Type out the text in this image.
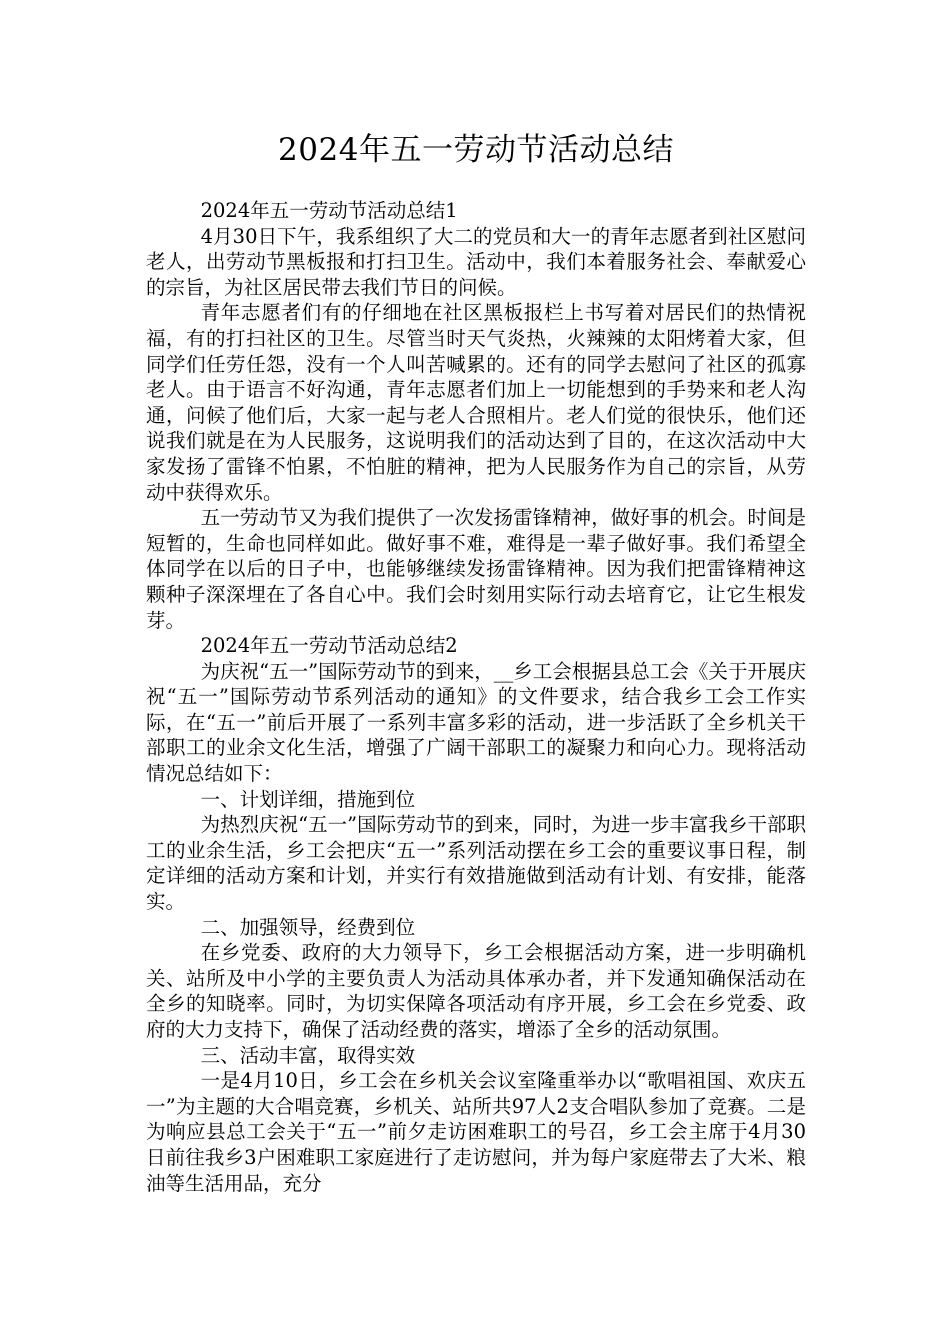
2024年五一劳动节活动总结

2024年五一劳动节活动总结1

4月30日下午，我系组织了大二的党员和大一的青年志愿者到社区慰问老人，出劳动节黑板报和打扫卫生。活动中，我们本着服务社会、奉献爱心的宗旨，为社区居民带去我们节日的问候。

青年志愿者们有的仔细地在社区黑板报栏上书写着对居民们的热情祝福，有的打扫社区的卫生。尽管当时天气炎热，火辣辣的太阳烤着大家，但同学们任劳任怨，没有一个人叫苦喊累的。还有的同学去慰问了社区的孤寡老人。由于语言不好沟通，青年志愿者们加上一切能想到的手势来和老人沟通，问候了他们后，大家一起与老人合照相片。老人们觉的很快乐，他们还说我们就是在为人民服务，这说明我们的活动达到了目的，在这次活动中大家发扬了雷锋不怕累，不怕脏的精神，把为人民服务作为自己的宗旨，从劳动中获得欢乐。

五一劳动节又为我们提供了一次发扬雷锋精神，做好事的机会。时间是短暂的，生命也同样如此。做好事不难，难得是一辈子做好事。我们希望全体同学在以后的日子中，也能够继续发扬雷锋精神。因为我们把雷锋精神这颗种子深深埋在了各自心中。我们会时刻用实际行动去培育它，让它生根发芽。

2024年五一劳动节活动总结2

为庆祝“五一”国际劳动节的到来，__乡工会根据县总工会《关于开展庆祝“五一”国际劳动节系列活动的通知》的文件要求，结合我乡工会工作实际，在“五一”前后开展了一系列丰富多彩的活动，进一步活跃了全乡机关干部职工的业余文化生活，增强了广阔干部职工的凝聚力和向心力。现将活动情况总结如下：

一、计划详细，措施到位

为热烈庆祝“五一”国际劳动节的到来，同时，为进一步丰富我乡干部职工的业余生活，乡工会把庆“五一”系列活动摆在乡工会的重要议事日程，制定详细的活动方案和计划，并实行有效措施做到活动有计划、有安排，能落实。

二、加强领导，经费到位

在乡党委、政府的大力领导下，乡工会根据活动方案，进一步明确机关、站所及中小学的主要负责人为活动具体承办者，并下发通知确保活动在全乡的知晓率。同时，为切实保障各项活动有序开展，乡工会在乡党委、政府的大力支持下，确保了活动经费的落实，增添了全乡的活动氛围。

三、活动丰富，取得实效

一是4月10日，乡工会在乡机关会议室隆重举办以“歌唱祖国、欢庆五一”为主题的大合唱竞赛，乡机关、站所共97人2支合唱队参加了竞赛。二是为响应县总工会关于“五一”前夕走访困难职工的号召，乡工会主席于4月30日前往我乡3户困难职工家庭进行了走访慰问，并为每户家庭带去了大米、粮油等生活用品，充分
